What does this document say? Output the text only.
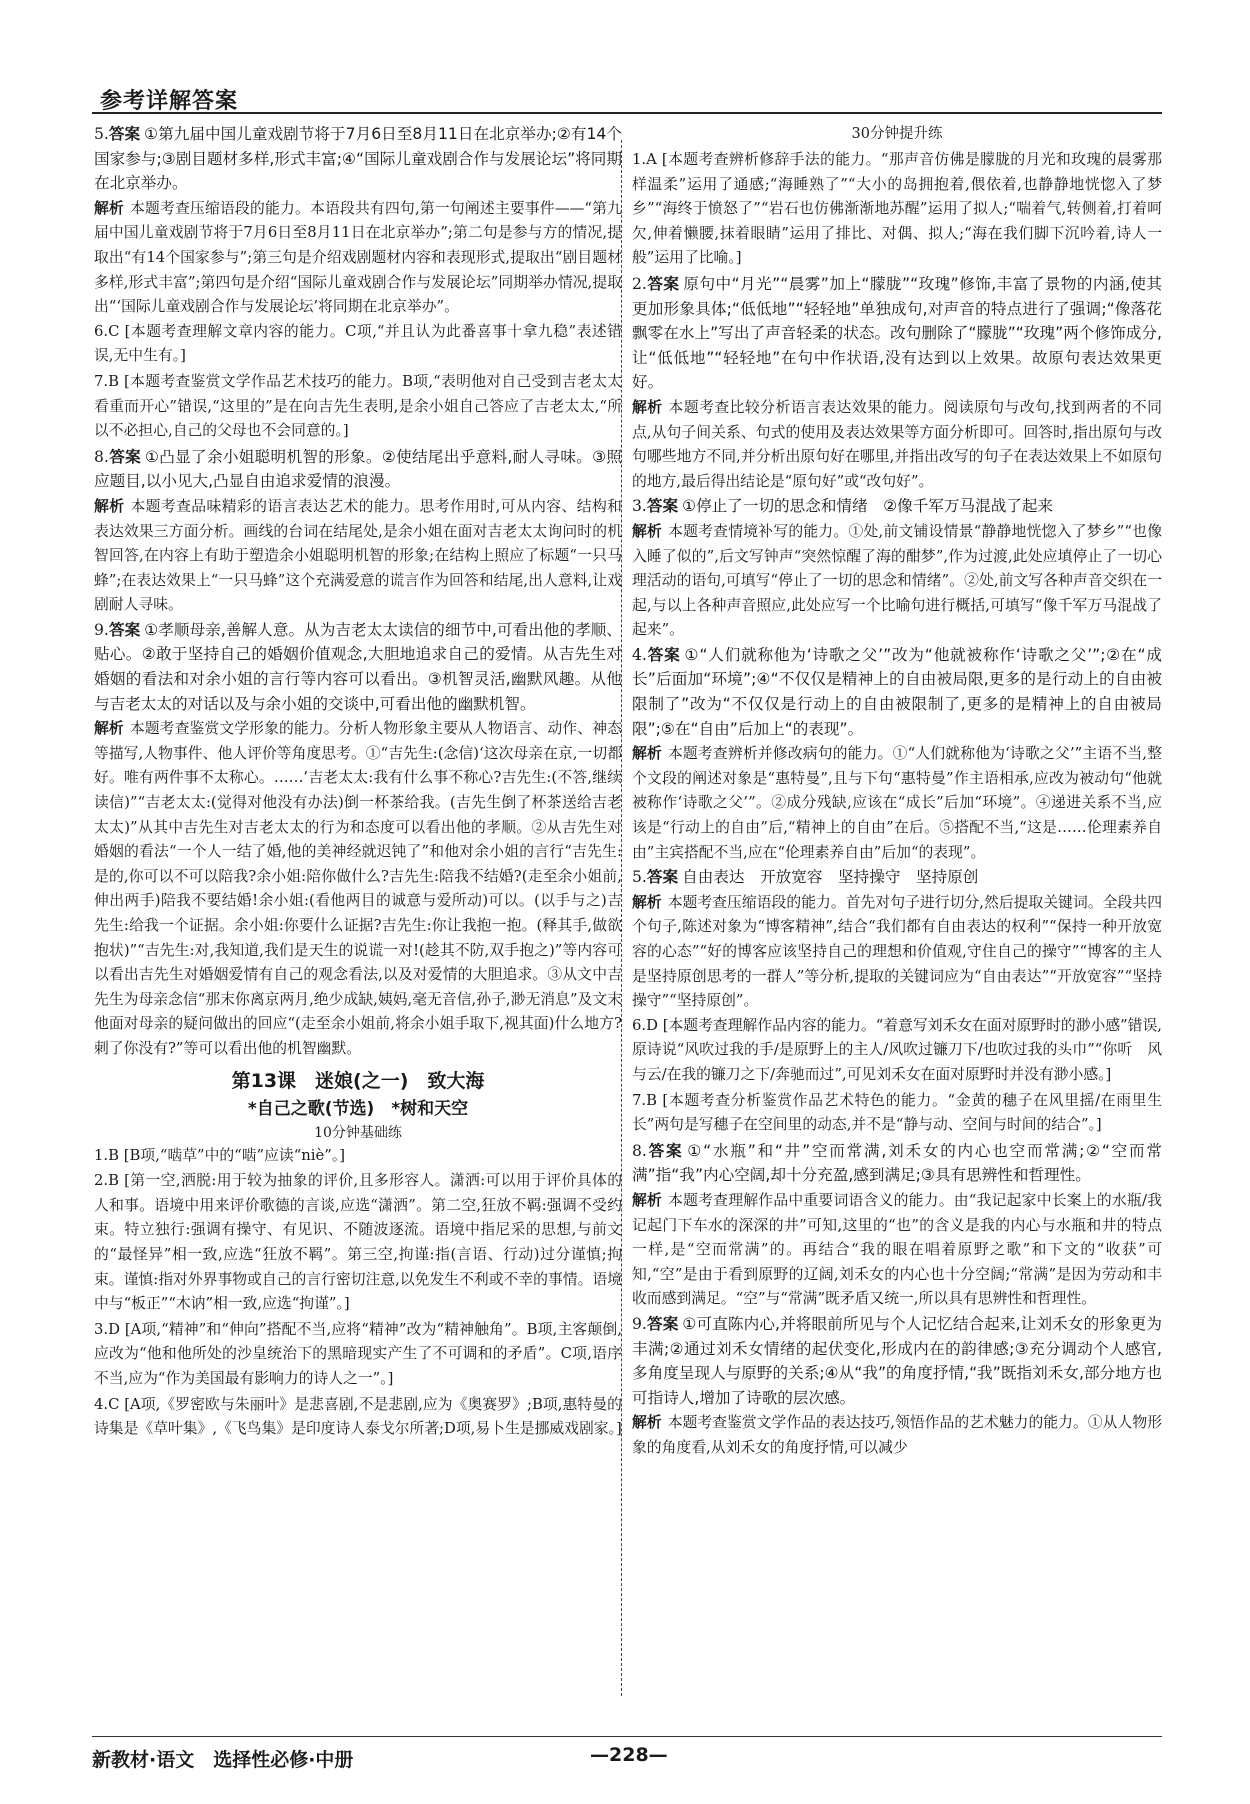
参考详解答案
5.答案 ①第九届中国儿童戏剧节将于7月6日至8月11日在北京举办;②有14个国家参与;③剧目题材多样,形式丰富;④“国际儿童戏剧合作与发展论坛”将同期在北京举办。
解析 本题考查压缩语段的能力。本语段共有四句,第一句阐述主要事件——“第九届中国儿童戏剧节将于7月6日至8月11日在北京举办”;第二句是参与方的情况,提取出“有14个国家参与”;第三句是介绍戏剧题材内容和表现形式,提取出“剧目题材多样,形式丰富”;第四句是介绍“国际儿童戏剧合作与发展论坛”同期举办情况,提取出“‘国际儿童戏剧合作与发展论坛’将同期在北京举办”。
6.C [本题考查理解文章内容的能力。C项,“并且认为此番喜事十拿九稳”表述错误,无中生有。]
7.B [本题考查鉴赏文学作品艺术技巧的能力。B项,“表明他对自己受到吉老太太看重而开心”错误,“这里的”是在向吉先生表明,是余小姐自己答应了吉老太太,“所以不必担心,自己的父母也不会同意的。]
8.答案 ①凸显了余小姐聪明机智的形象。②使结尾出乎意料,耐人寻味。③照应题目,以小见大,凸显自由追求爱情的浪漫。
解析 本题考查品味精彩的语言表达艺术的能力。思考作用时,可从内容、结构和表达效果三方面分析。画线的台词在结尾处,是余小姐在面对吉老太太询问时的机智回答,在内容上有助于塑造余小姐聪明机智的形象;在结构上照应了标题“一只马蜂”;在表达效果上“一只马蜂”这个充满爱意的谎言作为回答和结尾,出人意料,让戏剧耐人寻味。
9.答案 ①孝顺母亲,善解人意。从为吉老太太读信的细节中,可看出他的孝顺、贴心。②敢于坚持自己的婚姻价值观念,大胆地追求自己的爱情。从吉先生对婚姻的看法和对余小姐的言行等内容可以看出。③机智灵活,幽默风趣。从他与吉老太太的对话以及与余小姐的交谈中,可看出他的幽默机智。
解析 本题考查鉴赏文学形象的能力。分析人物形象主要从人物语言、动作、神态等描写,人物事件、他人评价等角度思考。①“吉先生:(念信)‘这次母亲在京,一切都好。唯有两件事不太称心。……’吉老太太:我有什么事不称心?吉先生:(不答,继续读信)”“吉老太太:(觉得对他没有办法)倒一杯茶给我。(吉先生倒了杯茶送给吉老太太)”从其中吉先生对吉老太太的行为和态度可以看出他的孝顺。②从吉先生对婚姻的看法“一个人一结了婚,他的美神经就迟钝了”和他对余小姐的言行“吉先生:是的,你可以不可以陪我?余小姐:陪你做什么?吉先生:陪我不结婚?(走至余小姐前,伸出两手)陪我不要结婚!余小姐:(看他两目的诚意与爱所动)可以。(以手与之)吉先生:给我一个证据。余小姐:你要什么证据?吉先生:你让我抱一抱。(释其手,做欲抱状)”“吉先生:对,我知道,我们是天生的说谎一对!(趁其不防,双手抱之)”等内容可以看出吉先生对婚姻爱情有自己的观念看法,以及对爱情的大胆追求。③从文中吉先生为母亲念信“那末你离京两月,绝少成缺,姨妈,毫无音信,孙子,渺无消息”及文末他面对母亲的疑问做出的回应“(走至余小姐前,将余小姐手取下,视其面)什么地方?刺了你没有?”等可以看出他的机智幽默。
第13课　迷娘(之一)　致大海
*自己之歌(节选)　*树和天空
10分钟基础练
1.B [B项,“啮草”中的“啮”应读“niè”。]
2.B [第一空,洒脱:用于较为抽象的评价,且多形容人。潇洒:可以用于评价具体的人和事。语境中用来评价歌德的言谈,应选“潇洒”。第二空,狂放不羁:强调不受约束。特立独行:强调有操守、有见识、不随波逐流。语境中指尼采的思想,与前文的“最怪异”相一致,应选“狂放不羁”。第三空,拘谨:指(言语、行动)过分谨慎;拘束。谨慎:指对外界事物或自己的言行密切注意,以免发生不利或不幸的事情。语境中与“板正”“木讷”相一致,应选“拘谨”。]
3.D [A项,“精神”和“伸向”搭配不当,应将“精神”改为“精神触角”。B项,主客颠倒,应改为“他和他所处的沙皇统治下的黑暗现实产生了不可调和的矛盾”。C项,语序不当,应为“作为美国最有影响力的诗人之一”。]
4.C [A项,《罗密欧与朱丽叶》是悲喜剧,不是悲剧,应为《奥赛罗》;B项,惠特曼的诗集是《草叶集》,《飞鸟集》是印度诗人泰戈尔所著;D项,易卜生是挪威戏剧家。]
30分钟提升练
1.A [本题考查辨析修辞手法的能力。“那声音仿佛是朦胧的月光和玫瑰的晨雾那样温柔”运用了通感;“海睡熟了”“大小的岛拥抱着,偎依着,也静静地恍惚入了梦乡”“海终于愤怒了”“岩石也仿佛渐渐地苏醒”运用了拟人;“喘着气,转侧着,打着呵欠,伸着懒腰,抹着眼睛”运用了排比、对偶、拟人;“海在我们脚下沉吟着,诗人一般”运用了比喻。]
2.答案 原句中“月光”“晨雾”加上“朦胧”“玫瑰”修饰,丰富了景物的内涵,使其更加形象具体;“低低地”“轻轻地”单独成句,对声音的特点进行了强调;“像落花飘零在水上”写出了声音轻柔的状态。改句删除了“朦胧”“玫瑰”两个修饰成分,让“低低地”“轻轻地”在句中作状语,没有达到以上效果。故原句表达效果更好。
解析 本题考查比较分析语言表达效果的能力。阅读原句与改句,找到两者的不同点,从句子间关系、句式的使用及表达效果等方面分析即可。回答时,指出原句与改句哪些地方不同,并分析出原句好在哪里,并指出改写的句子在表达效果上不如原句的地方,最后得出结论是“原句好”或“改句好”。
3.答案 ①停止了一切的思念和情绪　②像千军万马混战了起来
解析 本题考查情境补写的能力。①处,前文铺设情景“静静地恍惚入了梦乡”“也像入睡了似的”,后文写钟声“突然惊醒了海的酣梦”,作为过渡,此处应填停止了一切心理活动的语句,可填写“停止了一切的思念和情绪”。②处,前文写各种声音交织在一起,与以上各种声音照应,此处应写一个比喻句进行概括,可填写“像千军万马混战了起来”。
4.答案 ①“人们就称他为‘诗歌之父’”改为“他就被称作‘诗歌之父’”;②在“成长”后面加“环境”;④“不仅仅是精神上的自由被局限,更多的是行动上的自由被限制了”改为“不仅仅是行动上的自由被限制了,更多的是精神上的自由被局限”;⑤在“自由”后加上“的表现”。
解析 本题考查辨析并修改病句的能力。①“人们就称他为‘诗歌之父’”主语不当,整个文段的阐述对象是“惠特曼”,且与下句“惠特曼”作主语相承,应改为被动句“他就被称作‘诗歌之父’”。②成分残缺,应该在“成长”后加“环境”。④递进关系不当,应该是“行动上的自由”后,“精神上的自由”在后。⑤搭配不当,“这是……伦理素养自由”主宾搭配不当,应在“伦理素养自由”后加“的表现”。
5.答案 自由表达　开放宽容　坚持操守　坚持原创
解析 本题考查压缩语段的能力。首先对句子进行切分,然后提取关键词。全段共四个句子,陈述对象为“博客精神”,结合“我们都有自由表达的权利”“保持一种开放宽容的心态”“好的博客应该坚持自己的理想和价值观,守住自己的操守”“博客的主人是坚持原创思考的一群人”等分析,提取的关键词应为“自由表达”“开放宽容”“坚持操守”“坚持原创”。
6.D [本题考查理解作品内容的能力。“着意写刘禾女在面对原野时的渺小感”错误,原诗说“风吹过我的手/是原野上的主人/风吹过镰刀下/也吹过我的头巾”“你听　风与云/在我的镰刀之下/奔驰而过”,可见刘禾女在面对原野时并没有渺小感。]
7.B [本题考查分析鉴赏作品艺术特色的能力。“金黄的穗子在风里摇/在雨里生长”两句是写穗子在空间里的动态,并不是“静与动、空间与时间的结合”。]
8.答案 ①“水瓶”和“井”空而常满,刘禾女的内心也空而常满;②“空而常满”指“我”内心空阔,却十分充盈,感到满足;③具有思辨性和哲理性。
解析 本题考查理解作品中重要词语含义的能力。由“我记起家中长案上的水瓶/我记起门下车水的深深的井”可知,这里的“也”的含义是我的内心与水瓶和井的特点一样,是“空而常满”的。再结合“我的眼在唱着原野之歌”和下文的“收获”可知,“空”是由于看到原野的辽阔,刘禾女的内心也十分空阔;“常满”是因为劳动和丰收而感到满足。“空”与“常满”既矛盾又统一,所以具有思辨性和哲理性。
9.答案 ①可直陈内心,并将眼前所见与个人记忆结合起来,让刘禾女的形象更为丰满;②通过刘禾女情绪的起伏变化,形成内在的韵律感;③充分调动个人感官,多角度呈现人与原野的关系;④从“我”的角度抒情,“我”既指刘禾女,部分地方也可指诗人,增加了诗歌的层次感。
解析 本题考查鉴赏文学作品的表达技巧,领悟作品的艺术魅力的能力。①从人物形象的角度看,从刘禾女的角度抒情,可以减少
新教材·语文　选择性必修·中册	—228—
